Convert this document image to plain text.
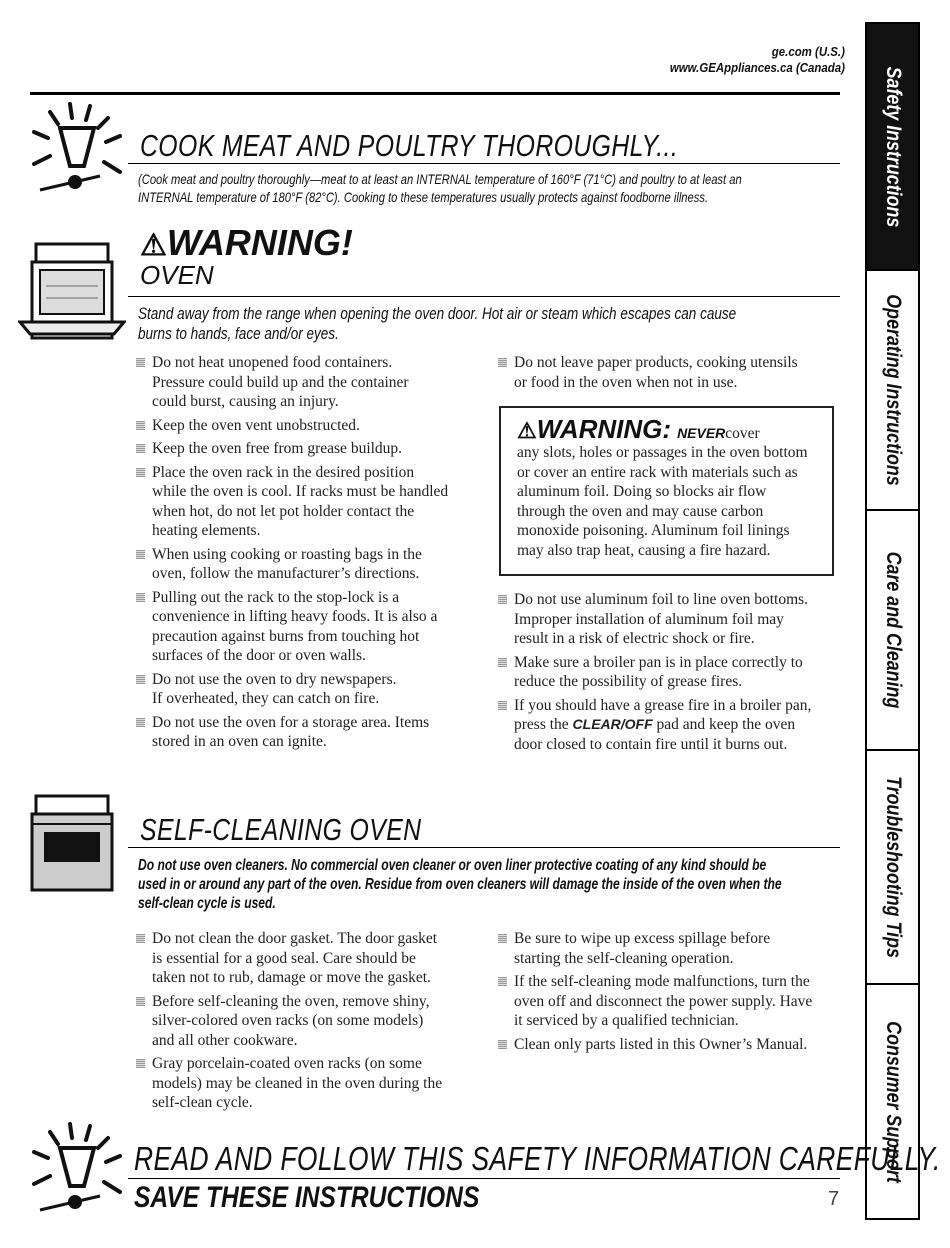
ge.com (U.S.)
www.GEAppliances.ca (Canada)
COOK MEAT AND POULTRY THOROUGHLY...
(Cook meat and poultry thoroughly—meat to at least an INTERNAL temperature of 160°F (71°C) and poultry to at least an
INTERNAL temperature of 180°F (82°C). Cooking to these temperatures usually protects against foodborne illness.
⚠WARNING!
OVEN
Stand away from the range when opening the oven door. Hot air or steam which escapes can cause
burns to hands, face and/or eyes.
Do not heat unopened food containers.
Pressure could build up and the container
could burst, causing an injury.
Keep the oven vent unobstructed.
Keep the oven free from grease buildup.
Place the oven rack in the desired position
while the oven is cool. If racks must be handled
when hot, do not let pot holder contact the
heating elements.
When using cooking or roasting bags in the
oven, follow the manufacturer’s directions.
Pulling out the rack to the stop-lock is a
convenience in lifting heavy foods. It is also a
precaution against burns from touching hot
surfaces of the door or oven walls.
Do not use the oven to dry newspapers.
If overheated, they can catch on fire.
Do not use the oven for a storage area. Items
stored in an oven can ignite.
Do not leave paper products, cooking utensils
or food in the oven when not in use.
⚠WARNING: NEVERcover
any slots, holes or passages in the oven bottom
or cover an entire rack with materials such as
aluminum foil. Doing so blocks air flow
through the oven and may cause carbon
monoxide poisoning. Aluminum foil linings
may also trap heat, causing a fire hazard.
Do not use aluminum foil to line oven bottoms.
Improper installation of aluminum foil may
result in a risk of electric shock or fire.
Make sure a broiler pan is in place correctly to
reduce the possibility of grease fires.
If you should have a grease fire in a broiler pan,
press the CLEAR/OFF pad and keep the oven
door closed to contain fire until it burns out.
SELF-CLEANING OVEN
Do not use oven cleaners. No commercial oven cleaner or oven liner protective coating of any kind should be
used in or around any part of the oven. Residue from oven cleaners will damage the inside of the oven when the
self-clean cycle is used.
Do not clean the door gasket. The door gasket
is essential for a good seal. Care should be
taken not to rub, damage or move the gasket.
Before self-cleaning the oven, remove shiny,
silver-colored oven racks (on some models)
and all other cookware.
Gray porcelain-coated oven racks (on some
models) may be cleaned in the oven during the
self-clean cycle.
Be sure to wipe up excess spillage before
starting the self-cleaning operation.
If the self-cleaning mode malfunctions, turn the
oven off and disconnect the power supply. Have
it serviced by a qualified technician.
Clean only parts listed in this Owner’s Manual.
READ AND FOLLOW THIS SAFETY INFORMATION CAREFULLY.
SAVE THESE INSTRUCTIONS	7
Safety Instructions
Operating Instructions
Care and Cleaning
Troubleshooting Tips
Consumer Support
